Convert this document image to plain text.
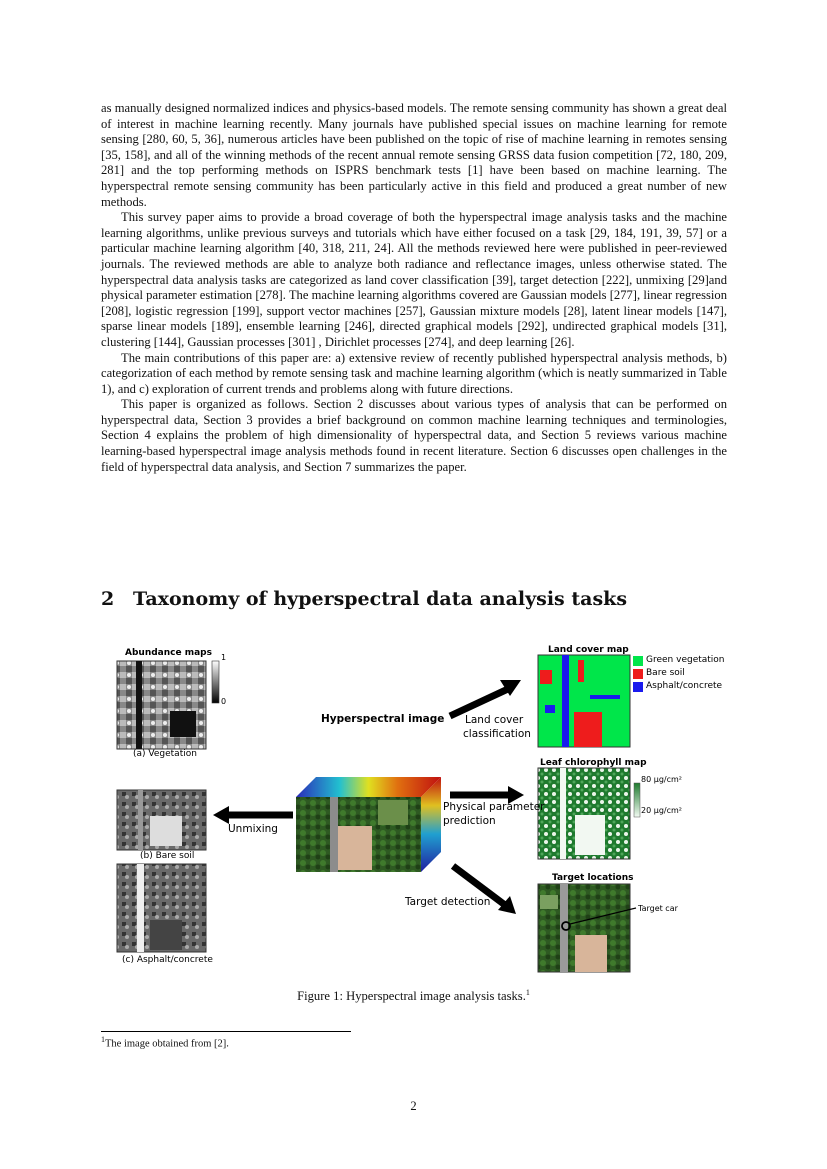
as manually designed normalized indices and physics-based models. The remote sensing community has shown a great deal of interest in machine learning recently. Many journals have published special issues on machine learning for remote sensing [280, 60, 5, 36], numerous articles have been published on the topic of rise of machine learning in remotes sensing [35, 158], and all of the winning methods of the recent annual remote sensing GRSS data fusion competition [72, 180, 209, 281] and the top performing methods on ISPRS benchmark tests [1] have been based on machine learning. The hyperspectral remote sensing community has been particularly active in this field and produced a great number of new methods.

This survey paper aims to provide a broad coverage of both the hyperspectral image analysis tasks and the machine learning algorithms, unlike previous surveys and tutorials which have either focused on a task [29, 184, 191, 39, 57] or a particular machine learning algorithm [40, 318, 211, 24]. All the methods reviewed here were published in peer-reviewed journals. The reviewed methods are able to analyze both radiance and reflectance images, unless otherwise stated. The hyperspectral data analysis tasks are categorized as land cover classification [39], target detection [222], unmixing [29]and physical parameter estimation [278]. The machine learning algorithms covered are Gaussian models [277], linear regression [208], logistic regression [199], support vector machines [257], Gaussian mixture models [28], latent linear models [147], sparse linear models [189], ensemble learning [246], directed graphical models [292], undirected graphical models [31], clustering [144], Gaussian processes [301] , Dirichlet processes [274], and deep learning [26].

The main contributions of this paper are: a) extensive review of recently published hyperspectral analysis methods, b) categorization of each method by remote sensing task and machine learning algorithm (which is neatly summarized in Table 1), and c) exploration of current trends and problems along with future directions.

This paper is organized as follows. Section 2 discusses about various types of analysis that can be performed on hyperspectral data, Section 3 provides a brief background on common machine learning techniques and terminologies, Section 4 explains the problem of high dimensionality of hyperspectral data, and Section 5 reviews various machine learning-based hyperspectral image analysis methods found in recent literature. Section 6 discusses open challenges in the field of hyperspectral data analysis, and Section 7 summarizes the paper.

2 Taxonomy of hyperspectral data analysis tasks
Abundance maps 1
0
(a) Vegetation
(b) Bare soil
(c) Asphalt/concrete
Hyperspectral image
Unmixing
Land cover
classification
Physical parameter
prediction
Target detection
Land cover map
Green vegetation
Bare soil
Asphalt/concrete
Leaf chlorophyll map
80 µg/cm²
20 µg/cm²
Target locations
Target car
Figure 1: Hyperspectral image analysis tasks.$^1$
$^1$The image obtained from [2].
2
